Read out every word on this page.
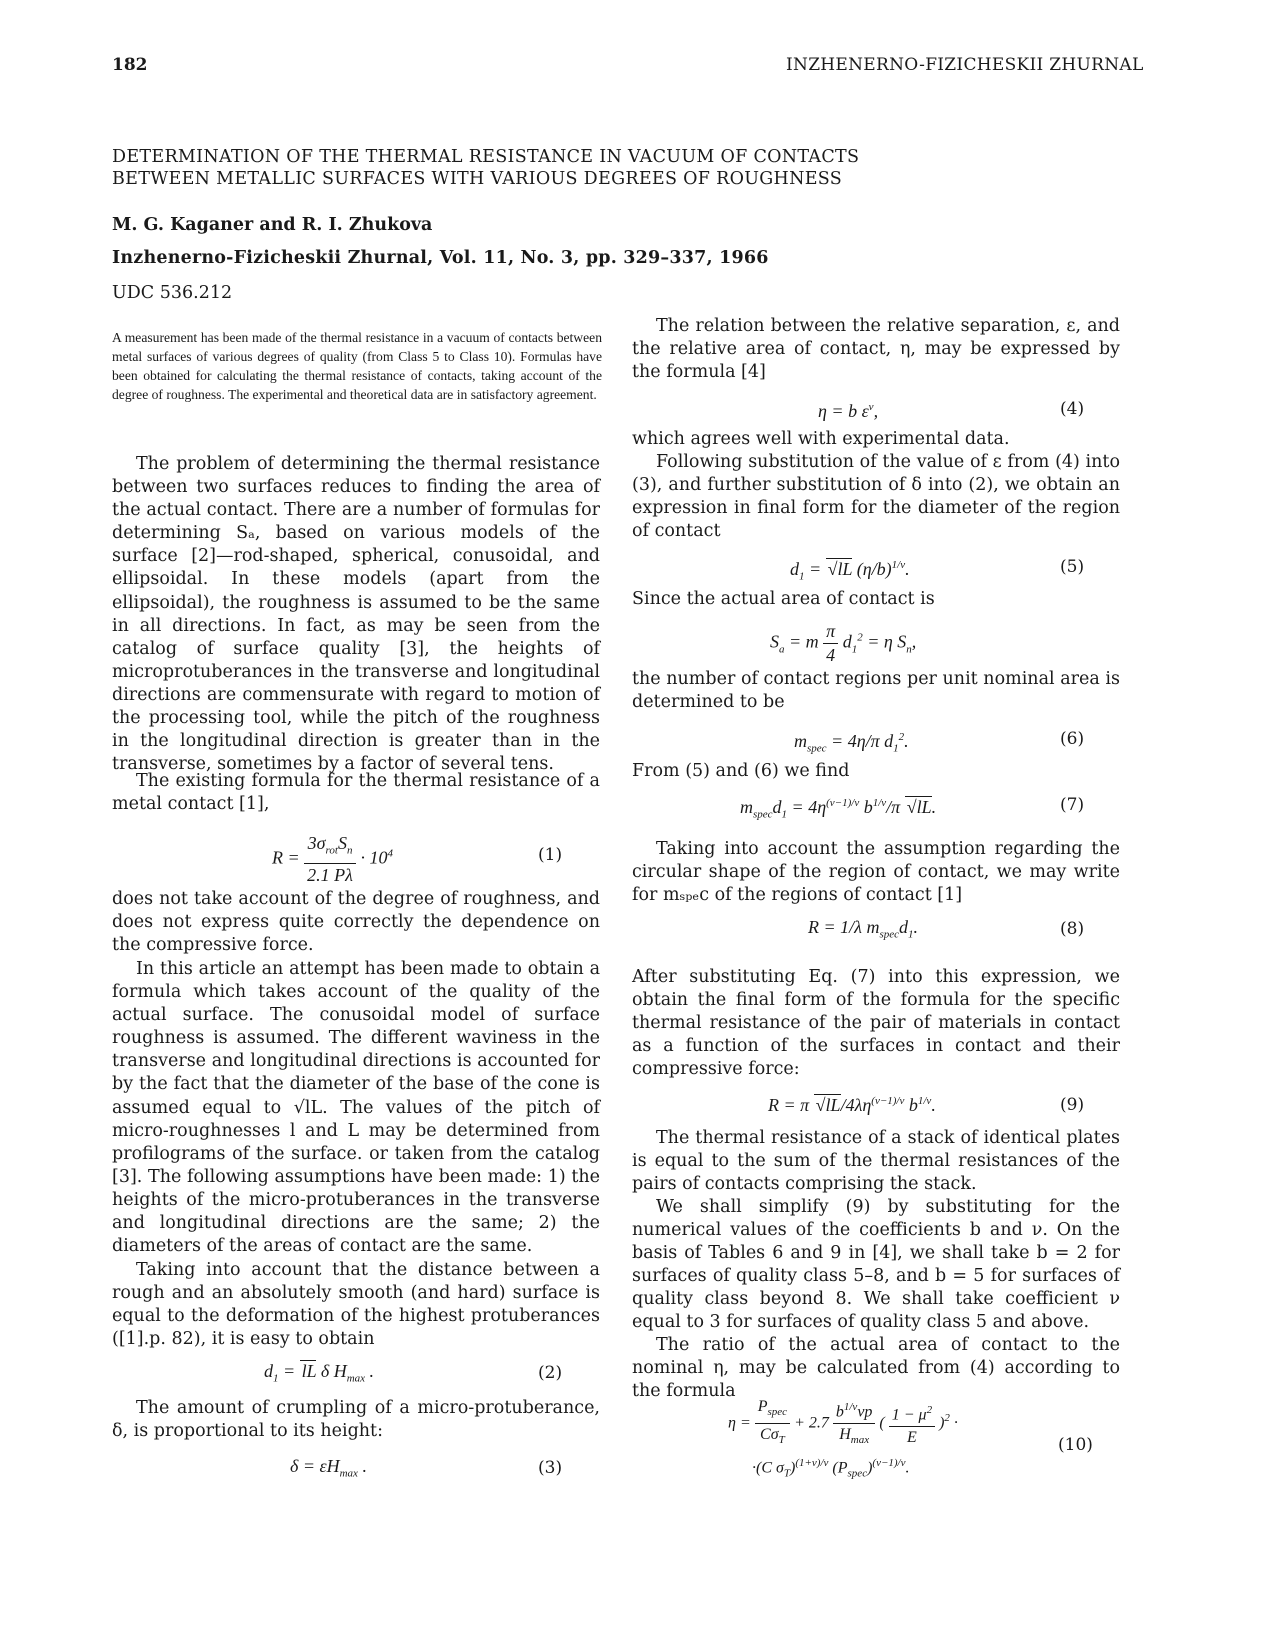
182	INZHENERNO-FIZICHESKII ZHURNAL
DETERMINATION OF THE THERMAL RESISTANCE IN VACUUM OF CONTACTS
BETWEEN METALLIC SURFACES WITH VARIOUS DEGREES OF ROUGHNESS
M. G. Kaganer and R. I. Zhukova
Inzhenerno-Fizicheskii Zhurnal, Vol. 11, No. 3, pp. 329–337, 1966
UDC 536.212
A measurement has been made of the thermal resistance in a vacuum of contacts between metal surfaces of various degrees of quality (from Class 5 to Class 10). Formulas have been obtained for calculating the thermal resistance of contacts, taking account of the degree of roughness. The experimental and theoretical data are in satisfactory agreement.
The problem of determining the thermal resistance between two surfaces reduces to finding the area of the actual contact. There are a number of formulas for determining Sₐ, based on various models of the surface [2]—rod-shaped, spherical, conusoidal, and ellipsoidal. In these models (apart from the ellipsoidal), the roughness is assumed to be the same in all directions. In fact, as may be seen from the catalog of surface quality [3], the heights of microprotuberances in the transverse and longitudinal directions are commensurate with regard to motion of the processing tool, while the pitch of the roughness in the longitudinal direction is greater than in the transverse, sometimes by a factor of several tens.
The existing formula for the thermal resistance of a metal contact [1],
$R = \frac{3\sigma_{rot}S_n}{2.1 P\lambda} \cdot 10^4$	(1)
does not take account of the degree of roughness, and does not express quite correctly the dependence on the compressive force.
In this article an attempt has been made to obtain a formula which takes account of the quality of the actual surface. The conusoidal model of surface roughness is assumed. The different waviness in the transverse and longitudinal directions is accounted for by the fact that the diameter of the base of the cone is assumed equal to √lL. The values of the pitch of micro-roughnesses l and L may be determined from profilograms of the surface. or taken from the catalog [3]. The following assumptions have been made: 1) the heights of the micro-protuberances in the transverse and longitudinal directions are the same; 2) the diameters of the areas of contact are the same.
Taking into account that the distance between a rough and an absolutely smooth (and hard) surface is equal to the deformation of the highest protuberances ([1].p. 82), it is easy to obtain
$d_1$ = lL δ $H_{max}$ .	(2)
The amount of crumpling of a micro-protuberance, δ, is proportional to its height:
$\delta = \varepsilon H_{max}$ .	(3)
The relation between the relative separation, ε, and the relative area of contact, η, may be expressed by the formula [4]
η = b $\varepsilon^\nu$,	(4)
which agrees well with experimental data.
Following substitution of the value of ε from (4) into (3), and further substitution of δ into (2), we obtain an expression in final form for the diameter of the region of contact
$d_1 = √lL$ $(\eta/b)^{1/\nu}$.	(5)
Since the actual area of contact is
$S_a = m \frac{\pi}{4} d_1^2 = \eta$ $S_n$,
the number of contact regions per unit nominal area is determined to be
$m_{spec} = 4\eta/\pi$ $d_1^2$.	(6)
From (5) and (6) we find
$m_{spec}d_1 = 4\eta^{(\nu-1)/\nu}$ $b^{1/\nu}/\pi$ √lL.	(7)
Taking into account the assumption regarding the circular shape of the region of contact, we may write for mₛₚₑc of the regions of contact [1]
R = 1/λ $m_{spec}d_1$.	(8)
After substituting Eq. (7) into this expression, we obtain the final form of the formula for the specific thermal resistance of the pair of materials in contact as a function of the surfaces in contact and their compressive force:
R = π $√lL/4\lambda\eta^{(\nu-1)/\nu}$ $b^{1/\nu}$.	(9)
The thermal resistance of a stack of identical plates is equal to the sum of the thermal resistances of the pairs of contacts comprising the stack.
We shall simplify (9) by substituting for the numerical values of the coefficients b and ν. On the basis of Tables 6 and 9 in [4], we shall take b = 2 for surfaces of quality class 5–8, and b = 5 for surfaces of quality class beyond 8. We shall take coefficient ν equal to 3 for surfaces of quality class 5 and above.
The ratio of the actual area of contact to the nominal η, may be calculated from (4) according to the formula
$\eta = \frac{P_{spec}}{C\sigma_T} + 2.7 \frac{b^{1/\nu}\nu p}{H_{max}}$ ( $\frac{1 - \mu^2}{E} )^2$ ·
·(C $\sigma_T)^{(1+\nu)/\nu}$ $(P_{spec})^{(\nu-1)/\nu}$.
(10)
